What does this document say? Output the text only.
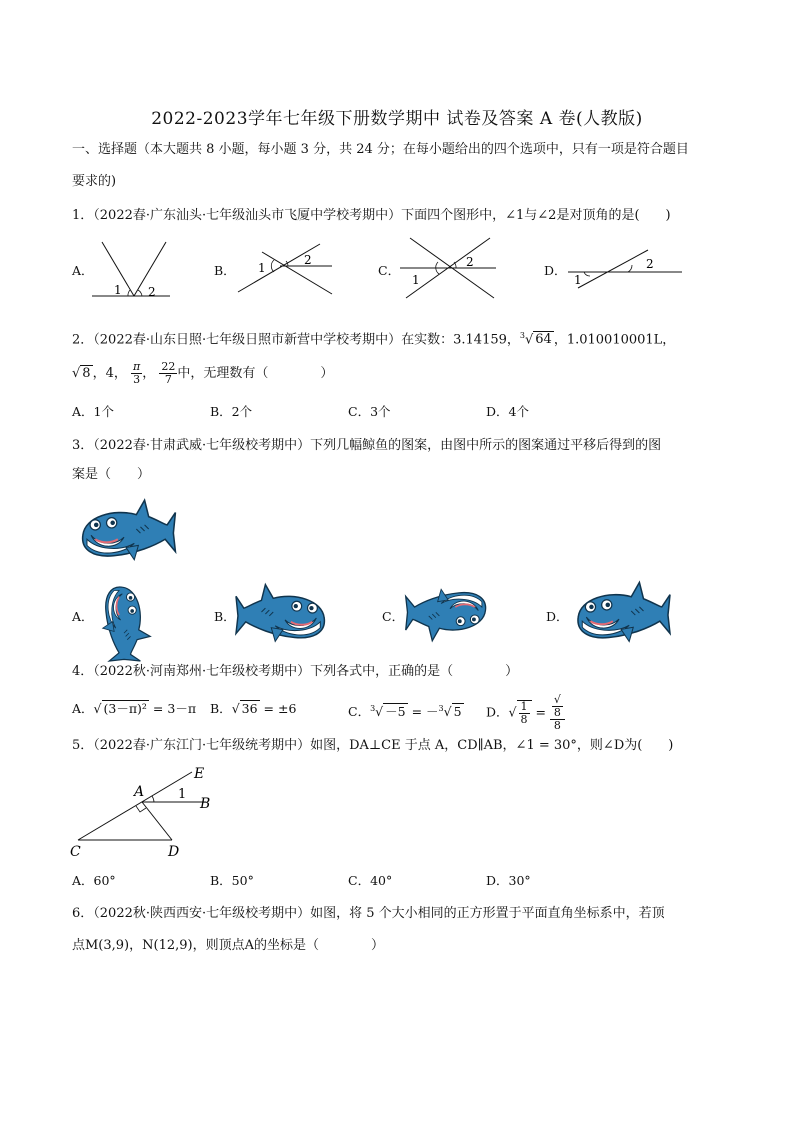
2022-2023学年七年级下册数学期中 试卷及答案 A 卷(人教版)
一、选择题（本大题共 8 小题，每小题 3 分，共 24 分；在每小题给出的四个选项中，只有一项是符合题目
要求的)
1．（2022春·广东汕头·七年级汕头市飞厦中学校考期中）下面四个图形中，∠1与∠2是对顶角的是(　　)
A．
1 2
B． 1
2
C．
1
2
D．	2
1
2．（2022春·山东日照·七年级日照市新营中学校考期中）在实数：3.14159，$^3$√ 64 ，1.010010001L，
√ 8 ，4， $\frac{\pi}{3}$ ， $\frac{22}{7}$ 中，无理数有（　　　　）
A．1个	B．2个	C．3个	D．4个
3．（2022春·甘肃武威·七年级校考期中）下列几幅鲸鱼的图案，由图中所示的图案通过平移后得到的图
案是（　　）
A．	B．	C．	D．
4．（2022秋·河南郑州·七年级校考期中）下列各式中，正确的是（　　　　）
A．√ (3－π)² = 3－π B．√ 36 = ±6	C．$^3$√ －5 = －$^3$√ 5 D．√ $\frac{1}{8}$ = √
8
8
5．（2022春·广东江门·七年级统考期中）如图，DA⊥CE 于点 A，CD∥AB，∠1 = 30°，则∠D为(　　)
E
A	1
B
C	D
A．60°	B．50°	C．40°	D．30°
6．（2022秋·陕西西安·七年级校考期中）如图，将 5 个大小相同的正方形置于平面直角坐标系中，若顶
点M(3,9)，N(12,9)，则顶点A的坐标是（　　　　）
